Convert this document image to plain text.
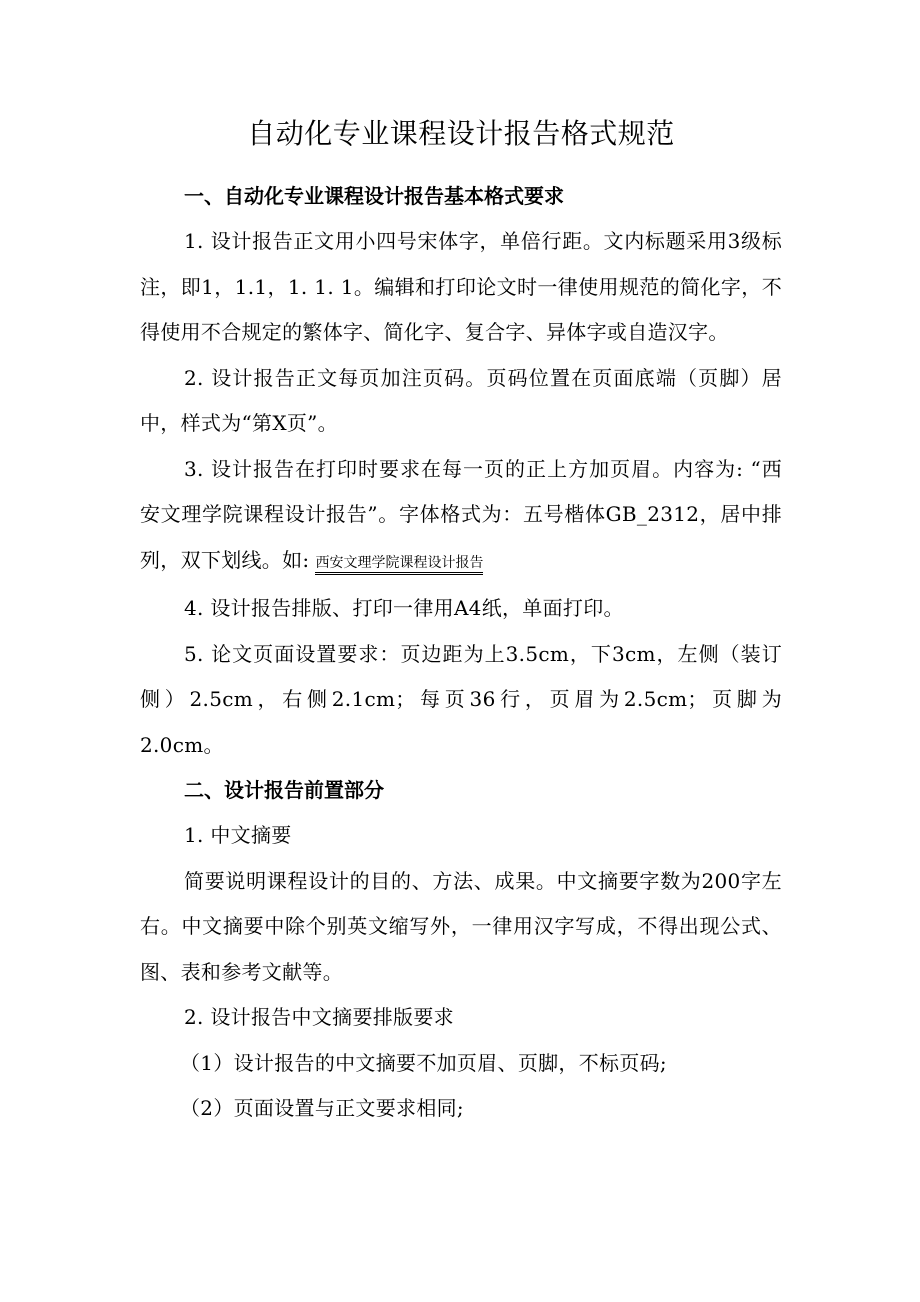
自动化专业课程设计报告格式规范
一、自动化专业课程设计报告基本格式要求

1. 设计报告正文用小四号宋体字，单倍行距。文内标题采用3级标注，即1，1.1，1. 1. 1。编辑和打印论文时一律使用规范的简化字，不得使用不合规定的繁体字、简化字、复合字、异体字或自造汉字。

2. 设计报告正文每页加注页码。页码位置在页面底端（页脚）居中，样式为“第X页”。

3. 设计报告在打印时要求在每一页的正上方加页眉。内容为: “西安文理学院课程设计报告”。字体格式为：五号楷体GB_2312，居中排列，双下划线。如: 西安文理学院课程设计报告

4. 设计报告排版、打印一律用A4纸，单面打印。

5. 论文页面设置要求：页边距为上3.5cm，下3cm，左侧（装订侧）2.5cm，右侧2.1cm；每页36行，页眉为2.5cm；页脚为2.0cm。

二、设计报告前置部分

1. 中文摘要

简要说明课程设计的目的、方法、成果。中文摘要字数为200字左右。中文摘要中除个别英文缩写外，一律用汉字写成，不得出现公式、图、表和参考文献等。

2. 设计报告中文摘要排版要求

（1）设计报告的中文摘要不加页眉、页脚，不标页码;

（2）页面设置与正文要求相同;
